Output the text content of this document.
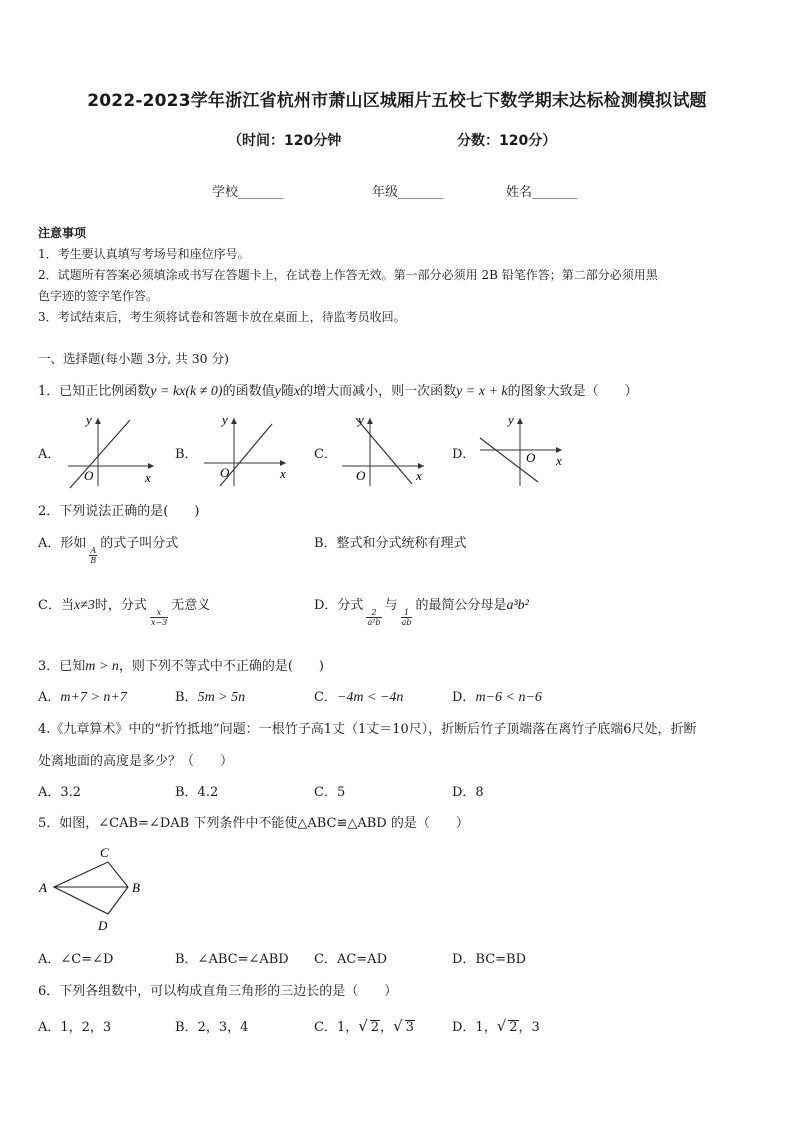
2022-2023学年浙江省杭州市萧山区城厢片五校七下数学期末达标检测模拟试题
（时间：120分钟	分数：120分）
学校_______	年级_______	姓名_______
注意事项
1．考生要认真填写考场号和座位序号。
2．试题所有答案必须填涂或书写在答题卡上，在试卷上作答无效。第一部分必须用 2B 铅笔作答；第二部分必须用黑
色字迹的签字笔作答。
3．考试结束后，考生须将试卷和答题卡放在桌面上，待监考员收回。
一、选择题(每小题 3分, 共 30 分)
1．已知正比例函数y = kx(k ≠ 0)的函数值y随x的增大而减小，则一次函数y = x + k的图象大致是（　　）
A．	B．	C．	D．
y
x
O
y
x
O
y
x
O
y
x
O
2．下列说法正确的是(　　)
A．形如
$\frac{A}{B}$
的式子叫分式	B．整式和分式统称有理式
C．当x≠3时，分式
$\frac{x}{x-3}$
无意义	D．分式
$\frac{2}{\text{a²b}}$
与
$\frac{1}{ab}$
的最简公分母是a³b²
3．已知m > n，则下列不等式中不正确的是(　　)
A．m+7 > n+7	B．5m > 5n	C．−4m < −4n	D．m−6 < n−6
4.《九章算术》中的“折竹抵地”问题：一根竹子高1丈（1丈＝10尺），折断后竹子顶端落在离竹子底端6尺处，折断
处离地面的高度是多少？（　　）
A．3.2	B．4.2	C．5	D．8
5．如图，∠CAB=∠DAB 下列条件中不能使△ABC≌△ABD 的是（　　）
C
A	B
D
A．∠C=∠D	B．∠ABC=∠ABD C．AC=AD	D．BC=BD
6．下列各组数中，可以构成直角三角形的三边长的是（　　）
A．1，2，3	B．2，3，4	C．1，√ 2，√ 3	D．1，√ 2，3
